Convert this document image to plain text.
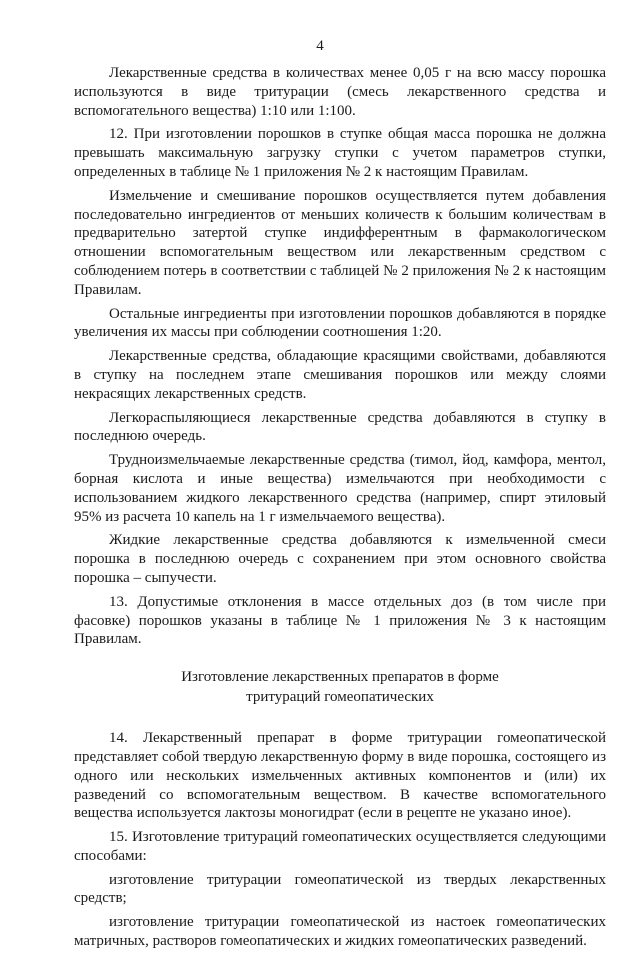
4

Лекарственные средства в количествах менее 0,05 г на всю массу порошка используются в виде тритурации (смесь лекарственного средства и вспомогательного вещества) 1:10 или 1:100.

12. При изготовлении порошков в ступке общая масса порошка не должна превышать максимальную загрузку ступки с учетом параметров ступки, определенных в таблице № 1 приложения № 2 к настоящим Правилам.

Измельчение и смешивание порошков осуществляется путем добавления последовательно ингредиентов от меньших количеств к большим количествам в предварительно затертой ступке индифферентным в фармакологическом отношении вспомогательным веществом или лекарственным средством с соблюдением потерь в соответствии с таблицей № 2 приложения № 2 к настоящим Правилам.

Остальные ингредиенты при изготовлении порошков добавляются в порядке увеличения их массы при соблюдении соотношения 1:20.

Лекарственные средства, обладающие красящими свойствами, добавляются в ступку на последнем этапе смешивания порошков или между слоями некрасящих лекарственных средств.

Легкораспыляющиеся лекарственные средства добавляются в ступку в последнюю очередь.

Трудноизмельчаемые лекарственные средства (тимол, йод, камфора, ментол, борная кислота и иные вещества) измельчаются при необходимости с использованием жидкого лекарственного средства (например, спирт этиловый 95% из расчета 10 капель на 1 г измельчаемого вещества).

Жидкие лекарственные средства добавляются к измельченной смеси порошка в последнюю очередь с сохранением при этом основного свойства порошка – сыпучести.

13. Допустимые отклонения в массе отдельных доз (в том числе при фасовке) порошков указаны в таблице № 1 приложения № 3 к настоящим Правилам.

Изготовление лекарственных препаратов в форме
тритураций гомеопатических

14. Лекарственный препарат в форме тритурации гомеопатической представляет собой твердую лекарственную форму в виде порошка, состоящего из одного или нескольких измельченных активных компонентов и (или) их разведений со вспомогательным веществом. В качестве вспомогательного вещества используется лактозы моногидрат (если в рецепте не указано иное).

15. Изготовление тритураций гомеопатических осуществляется следующими способами:

изготовление тритурации гомеопатической из твердых лекарственных средств;

изготовление тритурации гомеопатической из настоек гомеопатических матричных, растворов гомеопатических и жидких гомеопатических разведений.
